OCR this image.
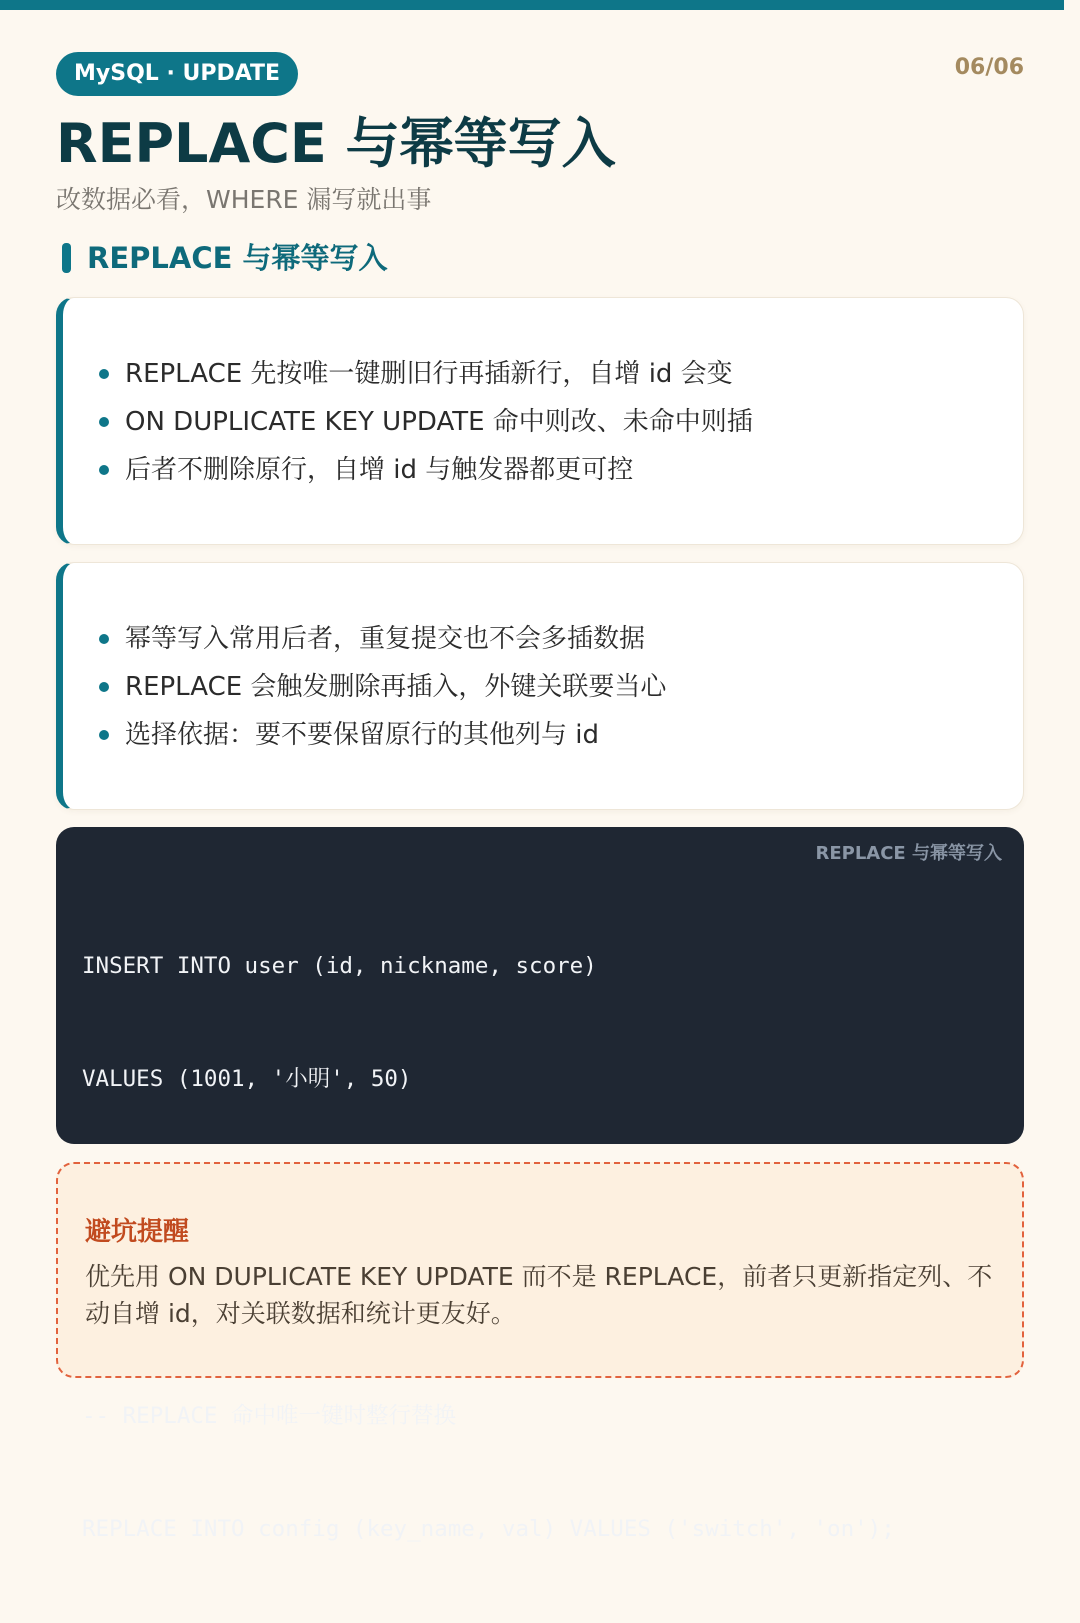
MySQL · UPDATE	06/06
REPLACE 与幂等写入
改数据必看，WHERE 漏写就出事
REPLACE 与幂等写入
REPLACE 先按唯一键删旧行再插新行，自增 id 会变
ON DUPLICATE KEY UPDATE 命中则改、未命中则插
后者不删除原行，自增 id 与触发器都更可控
幂等写入常用后者，重复提交也不会多插数据
REPLACE 会触发删除再插入，外键关联要当心
选择依据：要不要保留原行的其他列与 id
REPLACE 与幂等写入

INSERT INTO user (id, nickname, score)

VALUES (1001, '小明', 50)

-- REPLACE 命中唯一键时整行替换

REPLACE INTO config (key_name, val) VALUES ('switch', 'on');

避坑提醒

优先用 ON DUPLICATE KEY UPDATE 而不是 REPLACE，前者只更新指定列、不动自增 id，对关联数据和统计更友好。
